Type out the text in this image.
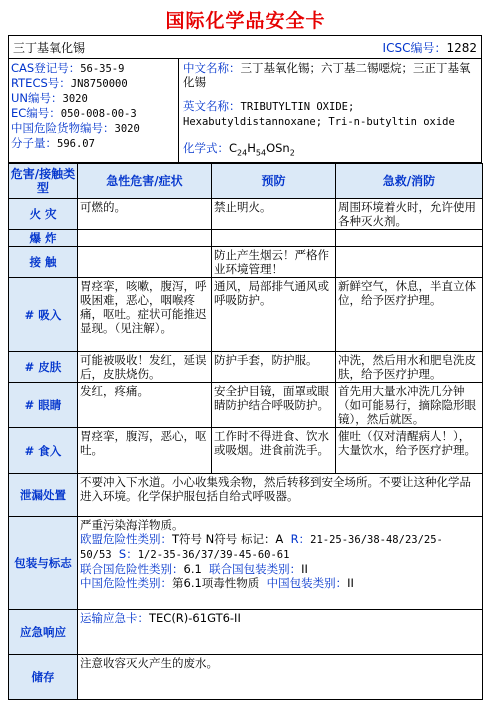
国际化学品安全卡
三丁基氧化锡	ICSC编号：1282
CAS登记号：56-35-9
RTECS号：JN8750000
UN编号：3020
EC编号：050-008-00-3
中国危险货物编号：3020
分子量：596.07
中文名称：三丁基氧化锡；六丁基二锡噁烷；三正丁基氧化锡
英文名称：TRIBUTYLTIN OXIDE; Hexabutyldistannoxane; Tri-n-butyltin oxide
化学式：$C_{24}H_{54}OSn_2$
危害/接触类型	急性危害/症状	预防	急救/消防
火 灾	可燃的。	禁止明火。	周围环境着火时，允许使用各种灭火剂。
爆 炸			
接 触		防止产生烟云！严格作业环境管理！	
# 吸入	胃痉挛，咳嗽，腹泻，呼吸困难，恶心，咽喉疼痛，呕吐。症状可能推迟显现。（见注解）。	通风，局部排气通风或呼吸防护。	新鲜空气，休息，半直立体位，给予医疗护理。
# 皮肤	可能被吸收！发红，延误后，皮肤烧伤。	防护手套，防护服。	冲洗，然后用水和肥皂洗皮肤，给予医疗护理。
# 眼睛	发红，疼痛。	安全护目镜，面罩或眼睛防护结合呼吸防护。	首先用大量水冲洗几分钟（如可能易行，摘除隐形眼镜），然后就医。
# 食入	胃痉挛，腹泻，恶心，呕吐。	工作时不得进食、饮水或吸烟。进食前洗手。	催吐（仅对清醒病人！），大量饮水，给予医疗护理。
泄漏处置	不要冲入下水道。小心收集残余物，然后转移到安全场所。不要让这种化学品进入环境。化学保护服包括自给式呼吸器。		
包装与标志	严重污染海洋物质。
欧盟危险性类别：T符号 N符号 标记：A R：21-25-36/38-48/23/25-50/53 S：1/2-35-36/37/39-45-60-61
联合国危险性类别：6.1 联合国包装类别：II
中国危险性类别：第6.1项毒性物质 中国包装类别：II		

应急响应	运输应急卡：TEC(R)-61GT6-II		
储存	注意收容灭火产生的废水。		
